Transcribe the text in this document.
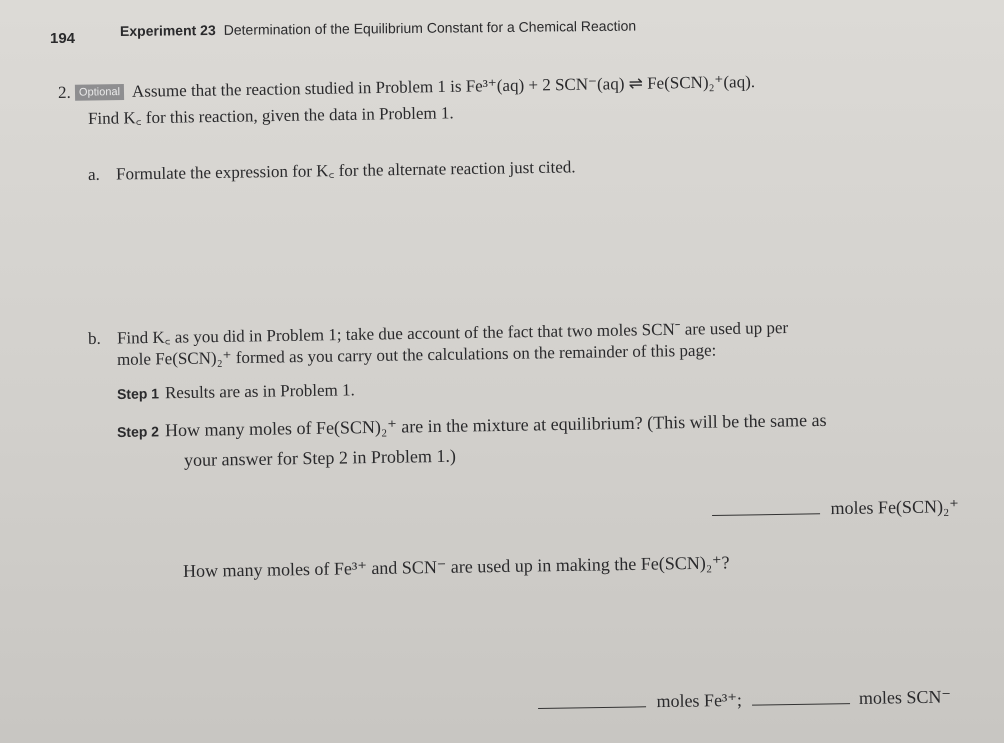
194	Experiment 23 Determination of the Equilibrium Constant for a Chemical Reaction
2. Optional Assume that the reaction studied in Problem 1 is Fe³⁺(aq) + 2 SCN⁻(aq) ⇌ Fe(SCN)₂⁺(aq).
Find K꜀ for this reaction, given the data in Problem 1.
a. Formulate the expression for K꜀ for the alternate reaction just cited.
b. Find K꜀ as you did in Problem 1; take due account of the fact that two moles SCN⁻ are used up per
mole Fe(SCN)₂⁺ formed as you carry out the calculations on the remainder of this page:
Step 1 Results are as in Problem 1.
Step 2 How many moles of Fe(SCN)₂⁺ are in the mixture at equilibrium? (This will be the same as
your answer for Step 2 in Problem 1.)
moles Fe(SCN)₂⁺
How many moles of Fe³⁺ and SCN⁻ are used up in making the Fe(SCN)₂⁺?
moles Fe³⁺;	moles SCN⁻
